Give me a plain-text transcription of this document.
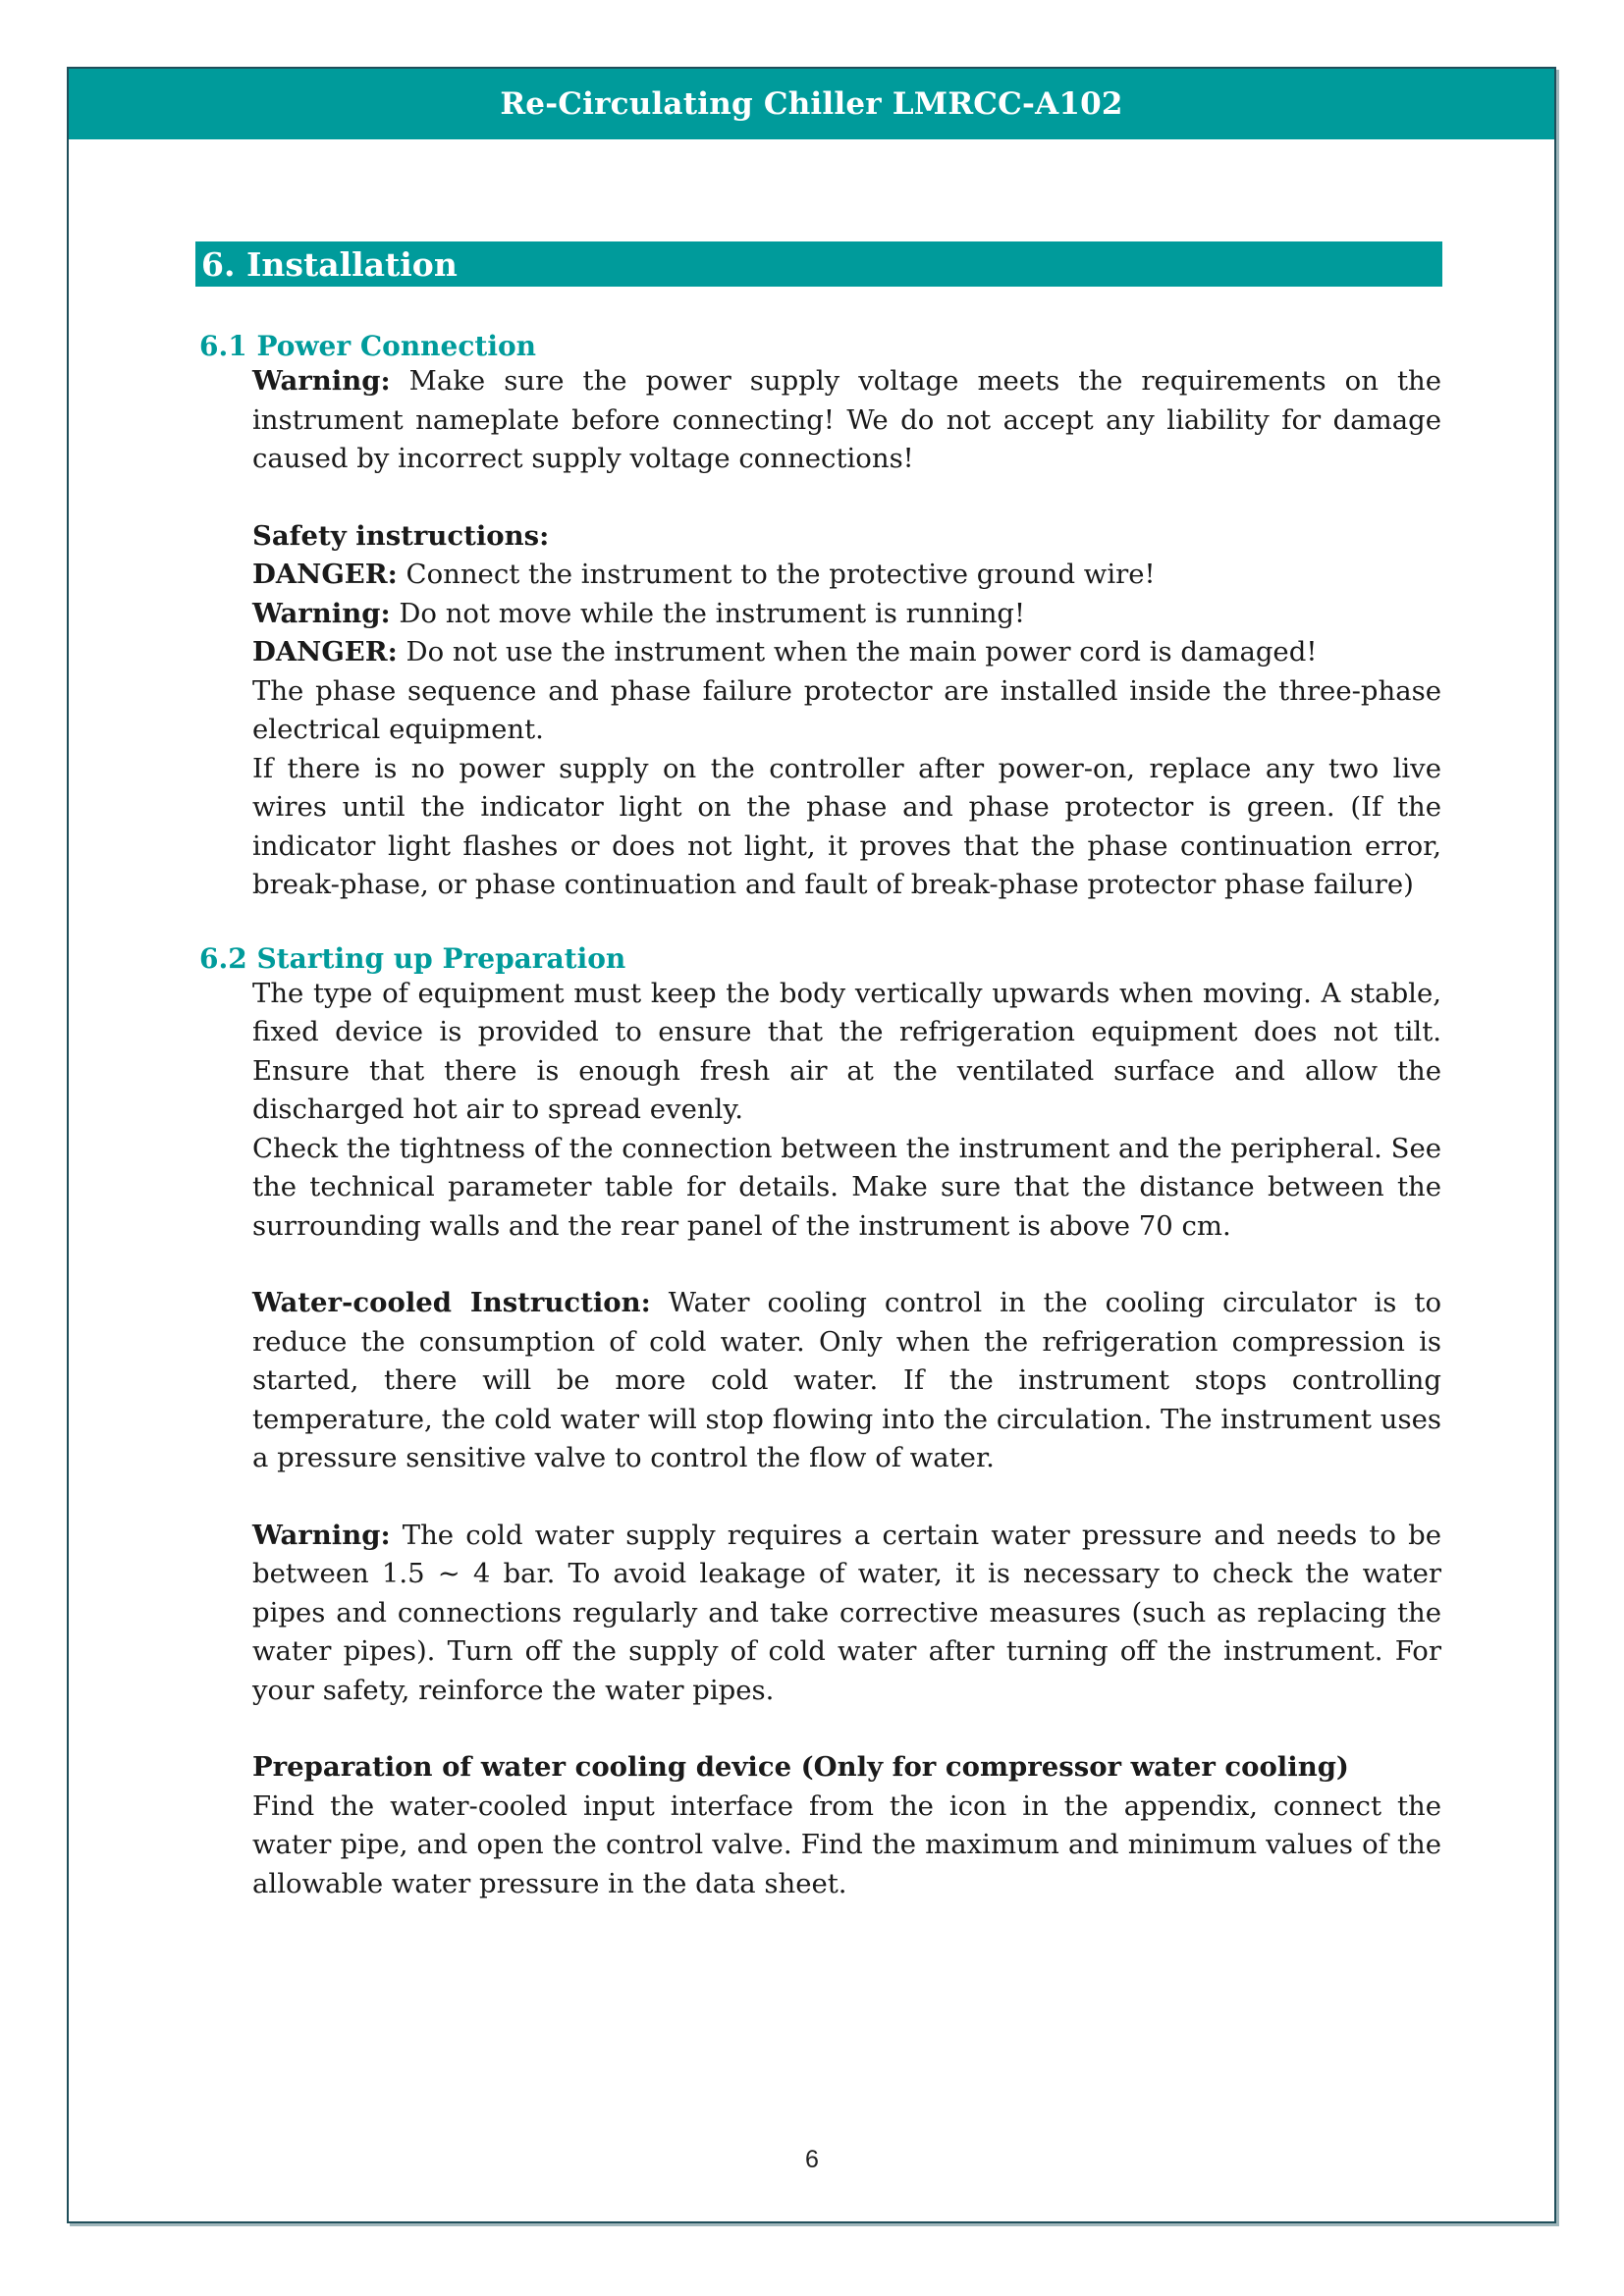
Re-Circulating Chiller LMRCC-A102
6. Installation
6.1 Power Connection

Warning: Make sure the power supply voltage meets the requirements on the instrument nameplate before connecting! We do not accept any liability for damage caused by incorrect supply voltage connections!

Safety instructions:

DANGER: Connect the instrument to the protective ground wire!

Warning: Do not move while the instrument is running!

DANGER: Do not use the instrument when the main power cord is damaged!

The phase sequence and phase failure protector are installed inside the three-phase electrical equipment.

If there is no power supply on the controller after power-on, replace any two live wires until the indicator light on the phase and phase protector is green. (If the indicator light flashes or does not light, it proves that the phase continuation error, break-phase, or phase continuation and fault of break-phase protector phase failure)

6.2 Starting up Preparation

The type of equipment must keep the body vertically upwards when moving. A stable, fixed device is provided to ensure that the refrigeration equipment does not tilt. Ensure that there is enough fresh air at the ventilated surface and allow the discharged hot air to spread evenly.

Check the tightness of the connection between the instrument and the peripheral. See the technical parameter table for details. Make sure that the distance between the surrounding walls and the rear panel of the instrument is above 70 cm.

Water-cooled Instruction: Water cooling control in the cooling circulator is to reduce the consumption of cold water. Only when the refrigeration compression is started, there will be more cold water. If the instrument stops controlling temperature, the cold water will stop flowing into the circulation. The instrument uses a pressure sensitive valve to control the flow of water.

Warning: The cold water supply requires a certain water pressure and needs to be between 1.5 ~ 4 bar. To avoid leakage of water, it is necessary to check the water pipes and connections regularly and take corrective measures (such as replacing the water pipes). Turn off the supply of cold water after turning off the instrument. For your safety, reinforce the water pipes.

Preparation of water cooling device (Only for compressor water cooling)

Find the water-cooled input interface from the icon in the appendix, connect the water pipe, and open the control valve. Find the maximum and minimum values of the allowable water pressure in the data sheet.

6
